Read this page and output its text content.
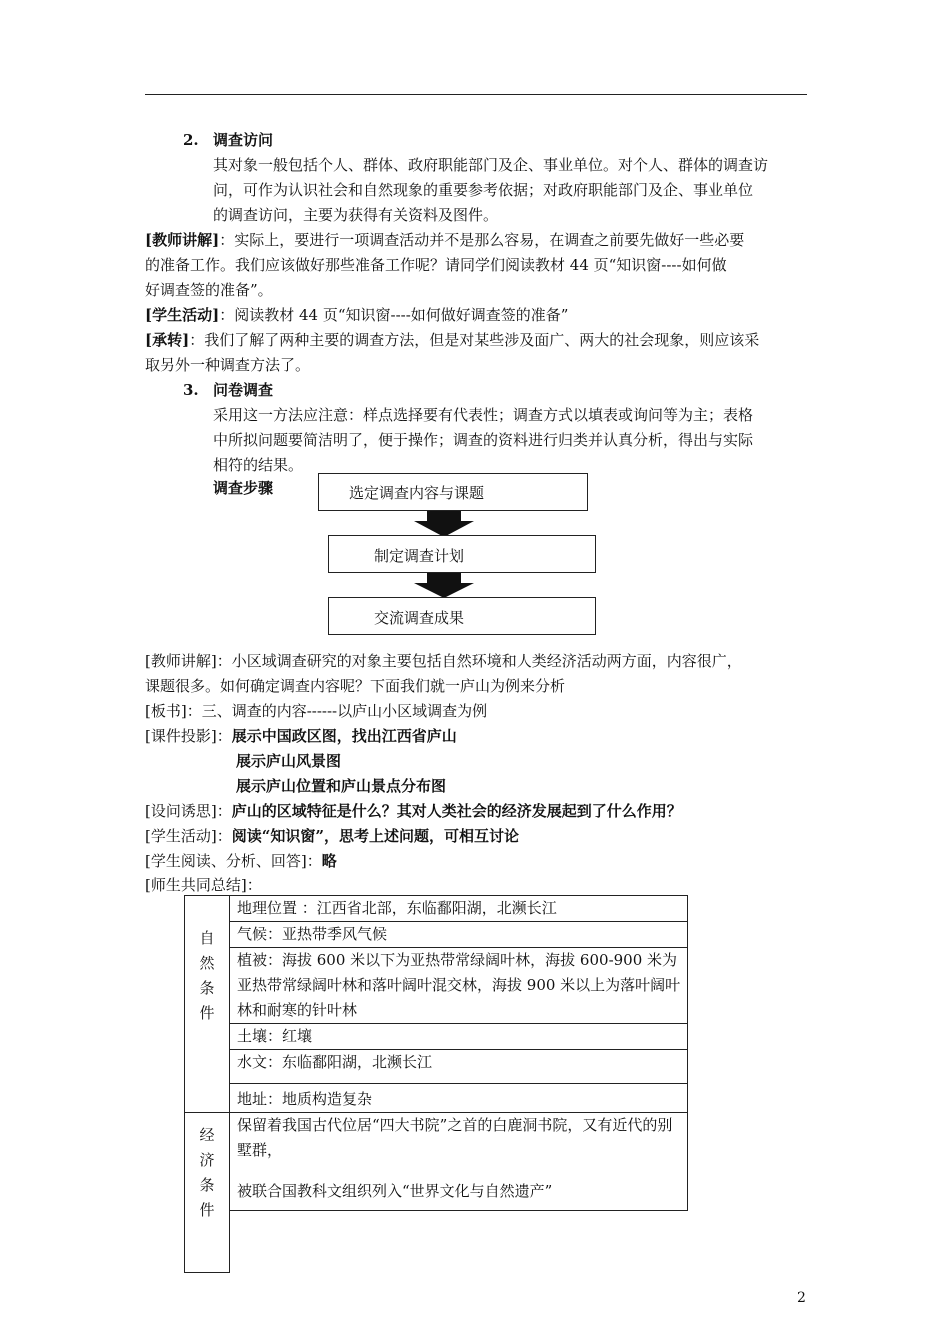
2. 调查访问
其对象一般包括个人、群体、政府职能部门及企、事业单位。对个人、群体的调查访
问，可作为认识社会和自然现象的重要参考依据；对政府职能部门及企、事业单位
的调查访问，主要为获得有关资料及图件。
[教师讲解]：实际上，要进行一项调查活动并不是那么容易，在调查之前要先做好一些必要
的准备工作。我们应该做好那些准备工作呢？请同学们阅读教材 44 页“知识窗----如何做
好调查签的准备”。
[学生活动]：阅读教材 44 页“知识窗----如何做好调查签的准备”
[承转]：我们了解了两种主要的调查方法，但是对某些涉及面广、两大的社会现象，则应该采
取另外一种调查方法了。
3. 问卷调查
采用这一方法应注意：样点选择要有代表性；调查方式以填表或询问等为主；表格
中所拟问题要简洁明了，便于操作；调查的资料进行归类并认真分析，得出与实际
相符的结果。
调查步骤	选定调查内容与课题
制定调查计划
交流调查成果
[教师讲解]：小区域调查研究的对象主要包括自然环境和人类经济活动两方面，内容很广，
课题很多。如何确定调查内容呢？下面我们就一庐山为例来分析
[板书]：三、调查的内容------以庐山小区域调查为例
[课件投影]：展示中国政区图，找出江西省庐山
展示庐山风景图
展示庐山位置和庐山景点分布图
[设问诱思]：庐山的区域特征是什么？其对人类社会的经济发展起到了什么作用？
[学生活动]：阅读“知识窗”，思考上述问题，可相互讨论
[学生阅读、分析、回答]：略
[师生共同总结]：
自然条件	地理位置 ：江西省北部，东临鄱阳湖，北濒长江
	气候：亚热带季风气候
	植被：海拔 600 米以下为亚热带常绿阔叶林，海拔 600-900 米为亚热带常绿阔叶林和落叶阔叶混交林，海拔 900 米以上为落叶阔叶林和耐寒的针叶林
	土壤：红壤
	水文：东临鄱阳湖，北濒长江
	地址：地质构造复杂

经济条件	保留着我国古代位居“四大书院”之首的白鹿洞书院，又有近代的别墅群，
被联合国教科文组织列入“世界文化与自然遗产”

2
